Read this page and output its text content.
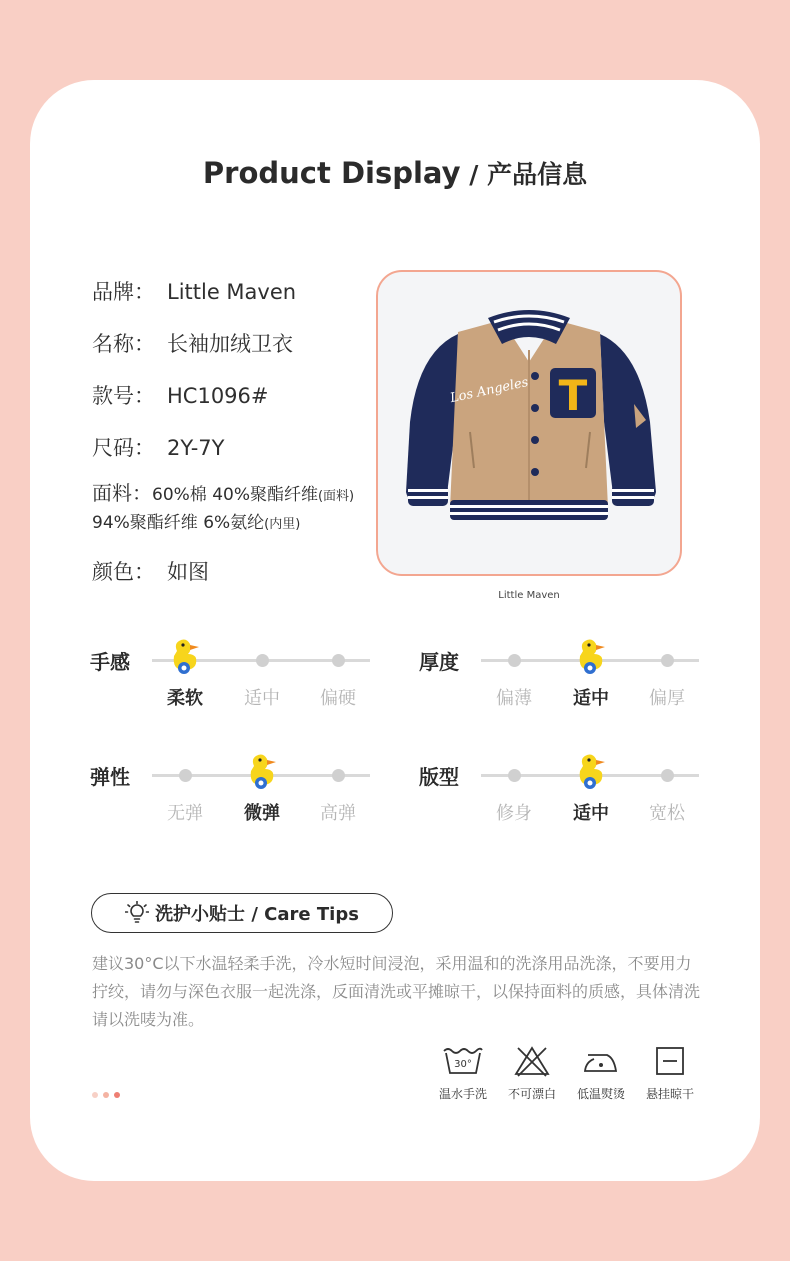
Product Display / 产品信息
品牌： Little Maven
名称： 长袖加绒卫衣
款号： HC1096#
尺码： 2Y-7Y
面料：60%棉 40%聚酯纤维(面料)
94%聚酯纤维 6%氨纶(内里)
颜色： 如图
T
Los Angeles
Little Maven
手感
柔软	适中	偏硬
厚度
偏薄	适中	偏厚
弹性
无弹	微弹	高弹
版型
修身	适中	宽松
洗护小贴士 / Care Tips
建议30°C以下水温轻柔手洗，冷水短时间浸泡，采用温和的洗涤用品洗涤，不要用力拧绞，请勿与深色衣服一起洗涤，反面清洗或平摊晾干，以保持面料的质感，具体清洗请以洗唛为准。
30°
温水手洗	不可漂白	低温熨烫	悬挂晾干
